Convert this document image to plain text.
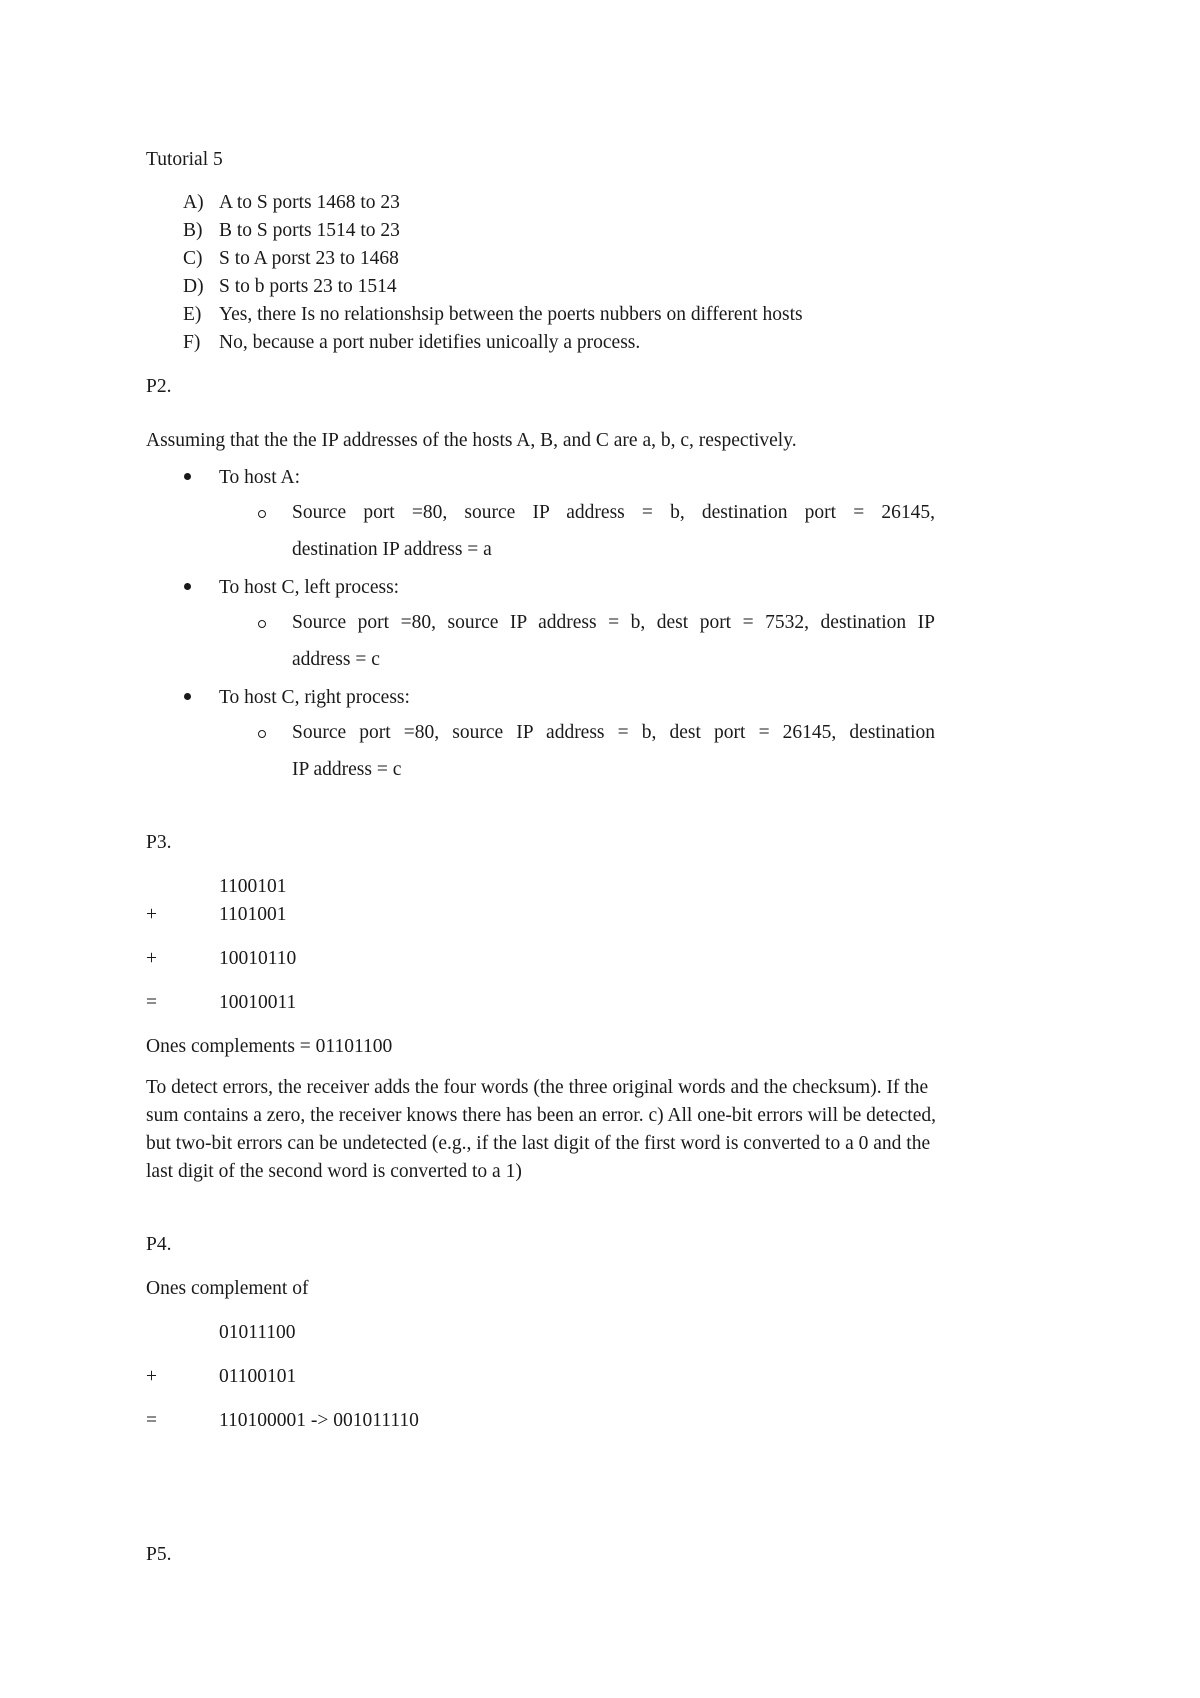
Tutorial 5
A) A to S ports 1468 to 23
B) B to S ports 1514 to 23
C) S to A porst 23 to 1468
D) S to b ports 23 to 1514
E) Yes, there Is no relationshsip between the poerts nubbers on different hosts
F) No, because a port nuber idetifies unicoally a process.
P2.
Assuming that the the IP addresses of the hosts A, B, and C are a, b, c, respectively.
To host A:
Source port =80, source IP address = b, destination port = 26145,
destination IP address = a
To host C, left process:
Source port =80, source IP address = b, dest port = 7532, destination IP
address = c
To host C, right process:
Source port =80, source IP address = b, dest port = 26145, destination
IP address = c
P3.
1100101
+	1101001
+	10010110
=	10010011
Ones complements = 01101100
To detect errors, the receiver adds the four words (the three original words and the checksum). If the sum contains a zero, the receiver knows there has been an error. c) All one-bit errors will be detected, but two-bit errors can be undetected (e.g., if the last digit of the first word is converted to a 0 and the last digit of the second word is converted to a 1)
P4.
Ones complement of
01011100
+	01100101
=	110100001 -> 001011110
P5.
